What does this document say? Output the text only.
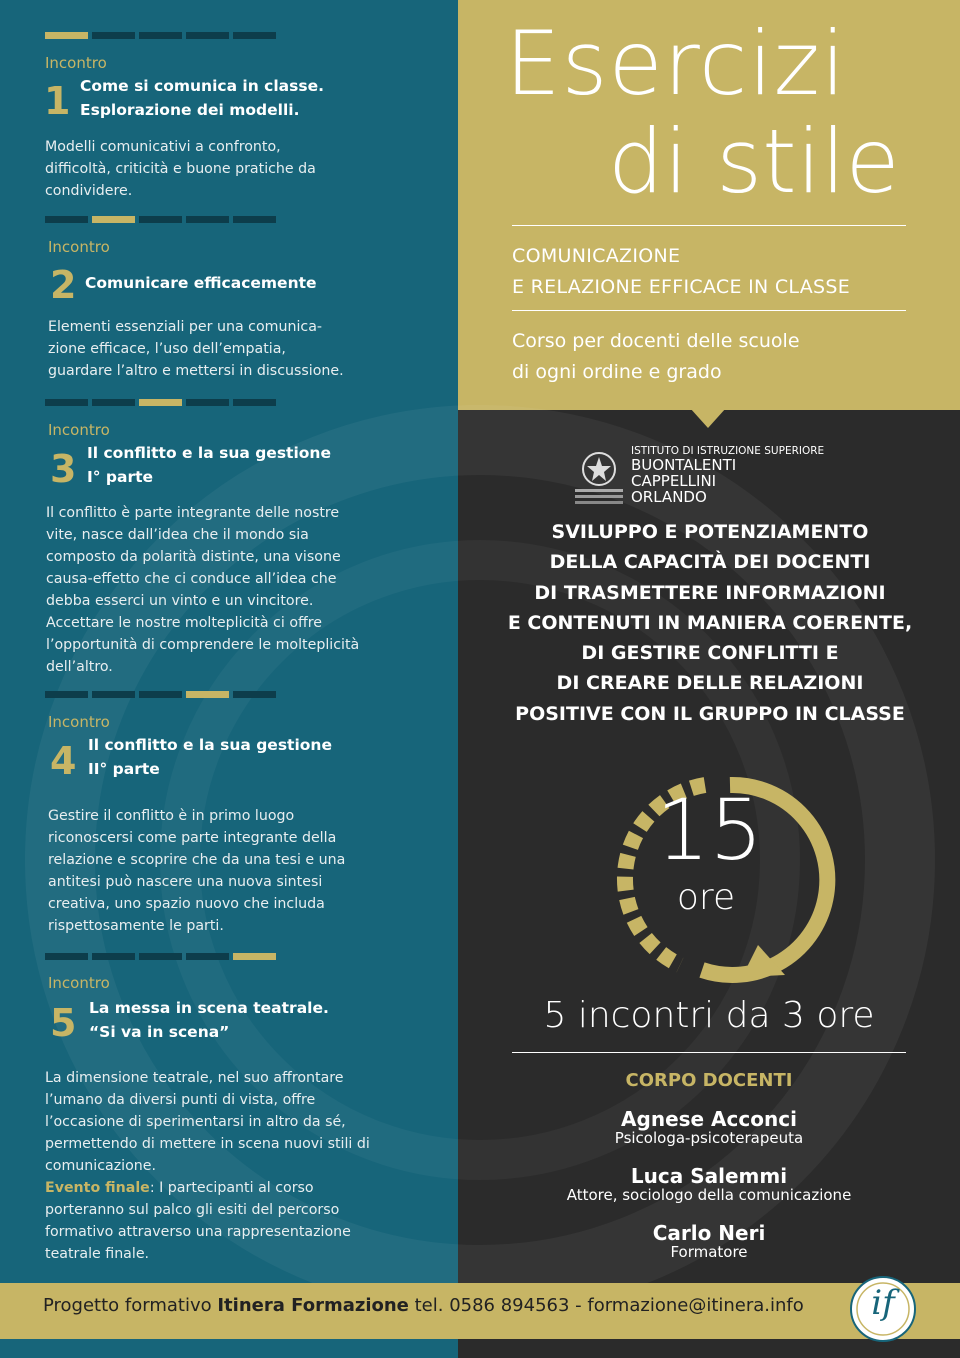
Incontro
1 Come si comunica in classe.
Esplorazione dei modelli.
Modelli comunicativi a confronto,
difficoltà, criticità e buone pratiche da
condividere.
Incontro
2 Comunicare efficacemente
Elementi essenziali per una comunica-
zione efficace, l’uso dell’empatia,
guardare l’altro e mettersi in discussione.
Incontro
3 Il conflitto e la sua gestione
I° parte
Il conflitto è parte integrante delle nostre
vite, nasce dall’idea che il mondo sia
composto da polarità distinte, una visone
causa-effetto che ci conduce all’idea che
debba esserci un vinto e un vincitore.
Accettare le nostre molteplicità ci offre
l’opportunità di comprendere le molteplicità
dell’altro.
Incontro
4 Il conflitto e la sua gestione
II° parte
Gestire il conflitto è in primo luogo
riconoscersi come parte integrante della
relazione e scoprire che da una tesi e una
antitesi può nascere una nuova sintesi
creativa, uno spazio nuovo che includa
rispettosamente le parti.
Incontro
5 La messa in scena teatrale.
“Si va in scena”
La dimensione teatrale, nel suo affrontare
l’umano da diversi punti di vista, offre
l’occasione di sperimentarsi in altro da sé,
permettendo di mettere in scena nuovi stili di
comunicazione.
Evento finale: I partecipanti al corso
porteranno sul palco gli esiti del percorso
formativo attraverso una rappresentazione
teatrale finale.
Esercizi
di stile
COMUNICAZIONE
E RELAZIONE EFFICACE IN CLASSE
Corso per docenti delle scuole
di ogni ordine e grado
ISTITUTO DI ISTRUZIONE SUPERIORE
BUONTALENTI
CAPPELLINI
ORLANDO
SVILUPPO E POTENZIAMENTO
DELLA CAPACITÀ DEI DOCENTI
DI TRASMETTERE INFORMAZIONI
E CONTENUTI IN MANIERA COERENTE,
DI GESTIRE CONFLITTI E
DI CREARE DELLE RELAZIONI
POSITIVE CON IL GRUPPO IN CLASSE
15
ore
5 incontri da 3 ore
CORPO DOCENTI
Agnese Acconci
Psicologa-psicoterapeuta
Luca Salemmi
Attore, sociologo della comunicazione
Carlo Neri
Formatore
Progetto formativo Itinera Formazione tel. 0586 894563 - formazione@itinera.info	if
